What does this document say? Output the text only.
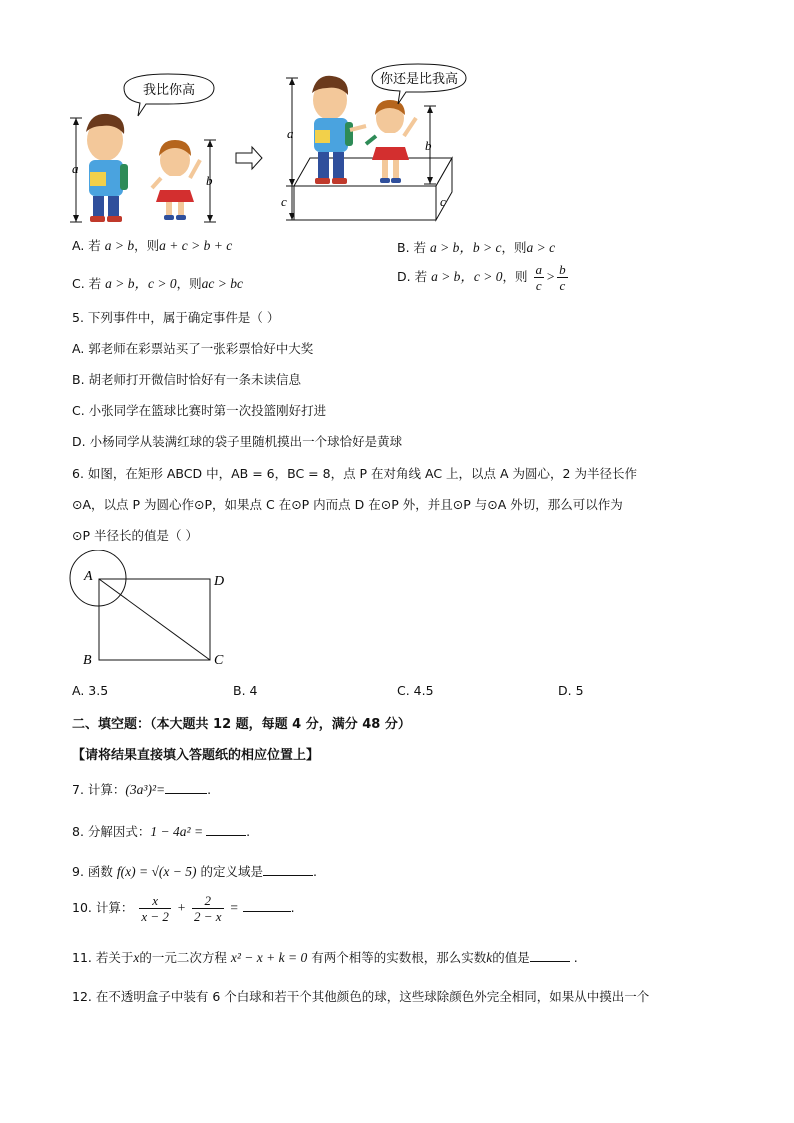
a
我比你高
b
a
c
你还是比我高
b
c
A. 若 a > b，则a + c > b + c	B. 若 a > b，b > c，则a > c
C. 若 a > b，c > 0，则ac > bc	D. 若 a > b，c > 0，则 $\frac{a}{c} > \frac{b}{c}$
5. 下列事件中，属于确定事件是（ ）
A. 郭老师在彩票站买了一张彩票恰好中大奖
B. 胡老师打开微信时恰好有一条未读信息
C. 小张同学在篮球比赛时第一次投篮刚好打进
D. 小杨同学从装满红球的袋子里随机摸出一个球恰好是黄球
6. 如图，在矩形 ABCD 中，AB = 6，BC = 8，点 P 在对角线 AC 上，以点 A 为圆心，2 为半径长作
⊙A，以点 P 为圆心作⊙P，如果点 C 在⊙P 内而点 D 在⊙P 外，并且⊙P 与⊙A 外切，那么可以作为
⊙P 半径长的值是（ ）
A	D
B	C
A. 3.5	B. 4	C. 4.5	D. 5
二、填空题：（本大题共 12 题，每题 4 分，满分 48 分）
【请将结果直接填入答题纸的相应位置上】
7. 计算：(3a³)²=	.
8. 分解因式：1 − 4a² =	.
9. 函数 f(x) = √(x − 5) 的定义域是	.
10. 计算： $\frac{x}{x - 2} + \frac{2}{2 - x}$ =	.
11. 若关于x的一元二次方程 x² − x + k = 0 有两个相等的实数根，那么实数k的值是	.
12. 在不透明盒子中装有 6 个白球和若干个其他颜色的球，这些球除颜色外完全相同，如果从中摸出一个
